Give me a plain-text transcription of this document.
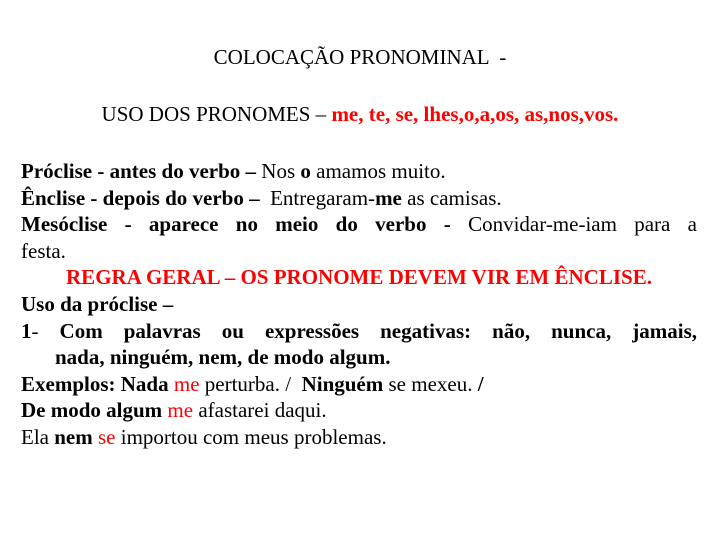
COLOCAÇÃO PRONOMINAL  -
USO DOS PRONOMES – me, te, se, lhes,o,a,os, as,nos,vos.
Próclise - antes do verbo – Nos o amamos muito.
Ênclise - depois do verbo –  Entregaram-me as camisas.
Mesóclise - aparece no meio do verbo - Convidar-me-iam para a
festa.
REGRA GERAL – OS PRONOME DEVEM VIR EM ÊNCLISE.
Uso da próclise –
1- Com palavras ou expressões negativas: não, nunca, jamais,
nada, ninguém, nem, de modo algum.
Exemplos: Nada me perturba. /  Ninguém se mexeu. /
De modo algum me afastarei daqui.
Ela nem se importou com meus problemas.
